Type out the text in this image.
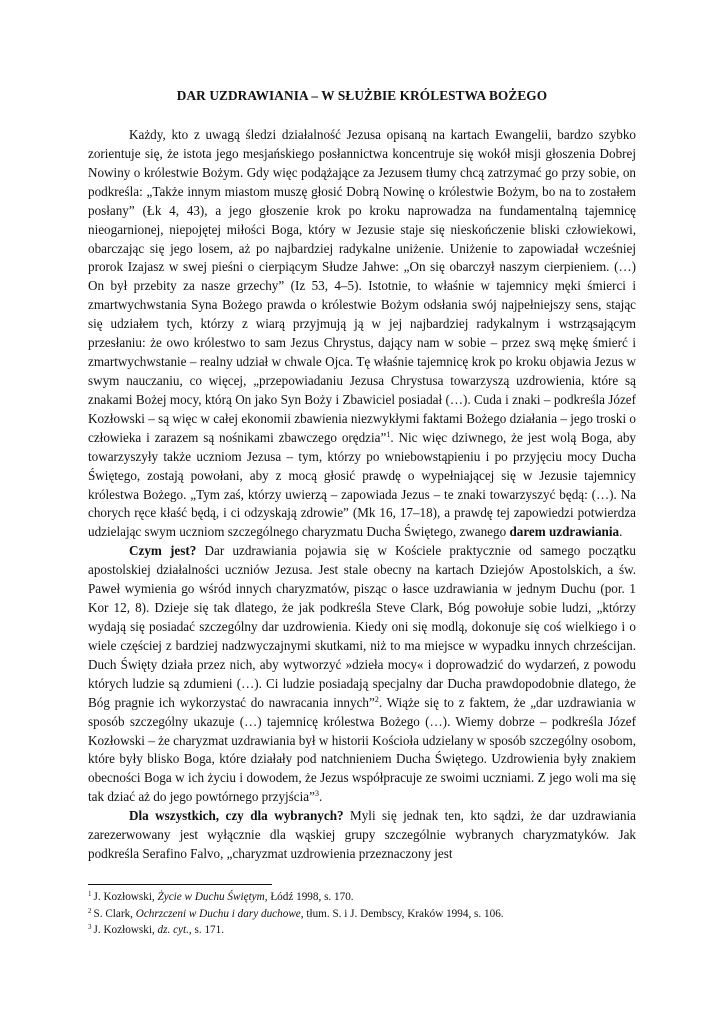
DAR UZDRAWIANIA – W SŁUŻBIE KRÓLESTWA BOŻEGO

Każdy, kto z uwagą śledzi działalność Jezusa opisaną na kartach Ewangelii, bardzo szybko zorientuje się, że istota jego mesjańskiego posłannictwa koncentruje się wokół misji głoszenia Dobrej Nowiny o królestwie Bożym. Gdy więc podążające za Jezusem tłumy chcą zatrzymać go przy sobie, on podkreśla: „Także innym miastom muszę głosić Dobrą Nowinę o królestwie Bożym, bo na to zostałem posłany” (Łk 4, 43), a jego głoszenie krok po kroku naprowadza na fundamentalną tajemnicę nieogarnionej, niepojętej miłości Boga, który w Jezusie staje się nieskończenie bliski człowiekowi, obarczając się jego losem, aż po najbardziej radykalne uniżenie. Uniżenie to zapowiadał wcześniej prorok Izajasz w swej pieśni o cierpiącym Słudze Jahwe: „On się obarczył naszym cierpieniem. (…) On był przebity za nasze grzechy” (Iz 53, 4–5). Istotnie, to właśnie w tajemnicy męki śmierci i zmartwychwstania Syna Bożego prawda o królestwie Bożym odsłania swój najpełniejszy sens, stając się udziałem tych, którzy z wiarą przyjmują ją w jej najbardziej radykalnym i wstrząsającym przesłaniu: że owo królestwo to sam Jezus Chrystus, dający nam w sobie – przez swą mękę śmierć i zmartwychwstanie – realny udział w chwale Ojca. Tę właśnie tajemnicę krok po kroku objawia Jezus w swym nauczaniu, co więcej, „przepowiadaniu Jezusa Chrystusa towarzyszą uzdrowienia, które są znakami Bożej mocy, którą On jako Syn Boży i Zbawiciel posiadał (…). Cuda i znaki – podkreśla Józef Kozłowski – są więc w całej ekonomii zbawienia niezwykłymi faktami Bożego działania – jego troski o człowieka i zarazem są nośnikami zbawczego orędzia”$^1$. Nic więc dziwnego, że jest wolą Boga, aby towarzyszyły także uczniom Jezusa – tym, którzy po wniebowstąpieniu i po przyjęciu mocy Ducha Świętego, zostają powołani, aby z mocą głosić prawdę o wypełniającej się w Jezusie tajemnicy królestwa Bożego. „Tym zaś, którzy uwierzą – zapowiada Jezus – te znaki towarzyszyć będą: (…). Na chorych ręce kłaść będą, i ci odzyskają zdrowie” (Mk 16, 17–18), a prawdę tej zapowiedzi potwierdza udzielając swym uczniom szczególnego charyzmatu Ducha Świętego, zwanego darem uzdrawiania.

Czym jest? Dar uzdrawiania pojawia się w Kościele praktycznie od samego początku apostolskiej działalności uczniów Jezusa. Jest stale obecny na kartach Dziejów Apostolskich, a św. Paweł wymienia go wśród innych charyzmatów, pisząc o łasce uzdrawiania w jednym Duchu (por. 1 Kor 12, 8). Dzieje się tak dlatego, że jak podkreśla Steve Clark, Bóg powołuje sobie ludzi, „którzy wydają się posiadać szczególny dar uzdrowienia. Kiedy oni się modlą, dokonuje się coś wielkiego i o wiele częściej z bardziej nadzwyczajnymi skutkami, niż to ma miejsce w wypadku innych chrześcijan. Duch Święty działa przez nich, aby wytworzyć »dzieła mocy« i doprowadzić do wydarzeń, z powodu których ludzie są zdumieni (…). Ci ludzie posiadają specjalny dar Ducha prawdopodobnie dlatego, że Bóg pragnie ich wykorzystać do nawracania innych”$^2$. Wiąże się to z faktem, że „dar uzdrawiania w sposób szczególny ukazuje (…) tajemnicę królestwa Bożego (…). Wiemy dobrze – podkreśla Józef Kozłowski – że charyzmat uzdrawiania był w historii Kościoła udzielany w sposób szczególny osobom, które były blisko Boga, które działały pod natchnieniem Ducha Świętego. Uzdrowienia były znakiem obecności Boga w ich życiu i dowodem, że Jezus współpracuje ze swoimi uczniami. Z jego woli ma się tak dziać aż do jego powtórnego przyjścia”$^3$.

Dla wszystkich, czy dla wybranych? Myli się jednak ten, kto sądzi, że dar uzdrawiania zarezerwowany jest wyłącznie dla wąskiej grupy szczególnie wybranych charyzmatyków. Jak podkreśla Serafino Falvo, „charyzmat uzdrowienia przeznaczony jest

$^1$ J. Kozłowski, Życie w Duchu Świętym, Łódź 1998, s. 170.

$^2$ S. Clark, Ochrzczeni w Duchu i dary duchowe, tłum. S. i J. Dembscy, Kraków 1994, s. 106.

$^3$ J. Kozłowski, dz. cyt., s. 171.
